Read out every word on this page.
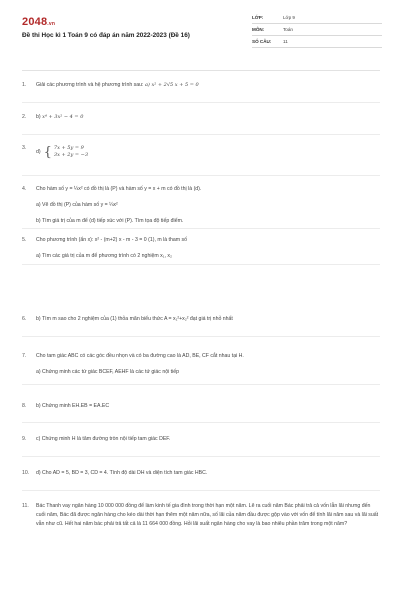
2048.vn
Đề thi Học kì 1 Toán 9 có đáp án năm 2022-2023 (Đề 16)
LỚP:	Lớp 9
MÔN:	Toán
SỐ CÂU:	11
1. Giải các phương trình và hệ phương trình sau: a) x² + 2√5 x + 5 = 0
2. b) x⁴ + 3x² − 4 = 0
3.
d) { 7x + 5y = 9
3x + 2y = −3
4. Cho hàm số y = ¼x² có đồ thị là (P) và hàm số y = x + m có đồ thị là (d).
a) Vẽ đồ thị (P) của hàm số y = ¼x²
b) Tìm giá trị của m để (d) tiếp xúc với (P). Tìm tọa độ tiếp điểm.
5. Cho phương trình (ẩn x): x² - (m+2) x - m - 3 = 0 (1), m là tham số
a) Tìm các giá trị của m để phương trình có 2 nghiệm x₁, x₂
6. b) Tìm m sao cho 2 nghiệm của (1) thỏa mãn biểu thức A = x₁²+x₂² đạt giá trị nhỏ nhất
7. Cho tam giác ABC có các góc đều nhọn và có ba đường cao là AD, BE, CF cắt nhau tại H.
a) Chứng minh các tứ giác BCEF, AEHF là các tứ giác nội tiếp
8. b) Chứng minh EH.EB = EA.EC
9. c) Chứng minh H là tâm đường tròn nội tiếp tam giác DEF.
10. d) Cho AD = 5, BD = 3, CD = 4. Tính độ dài DH và diện tích tam giác HBC.
11. Bác Thanh vay ngân hàng 10 000 000 đồng để làm kinh tế gia đình trong thời hạn một năm. Lẽ ra cuối năm Bác phải trả cả vốn lẫn lãi nhưng đến cuối năm, Bác đã được ngân hàng cho kéo dài thời hạn thêm một năm nữa, số lãi của năm đầu được gộp vào với vốn để tính lãi năm sau và lãi suất vẫn như cũ. Hết hai năm bác phải trả tất cả là 11 664 000 đồng. Hỏi lãi suất ngân hàng cho vay là bao nhiêu phần trăm trong một năm?
